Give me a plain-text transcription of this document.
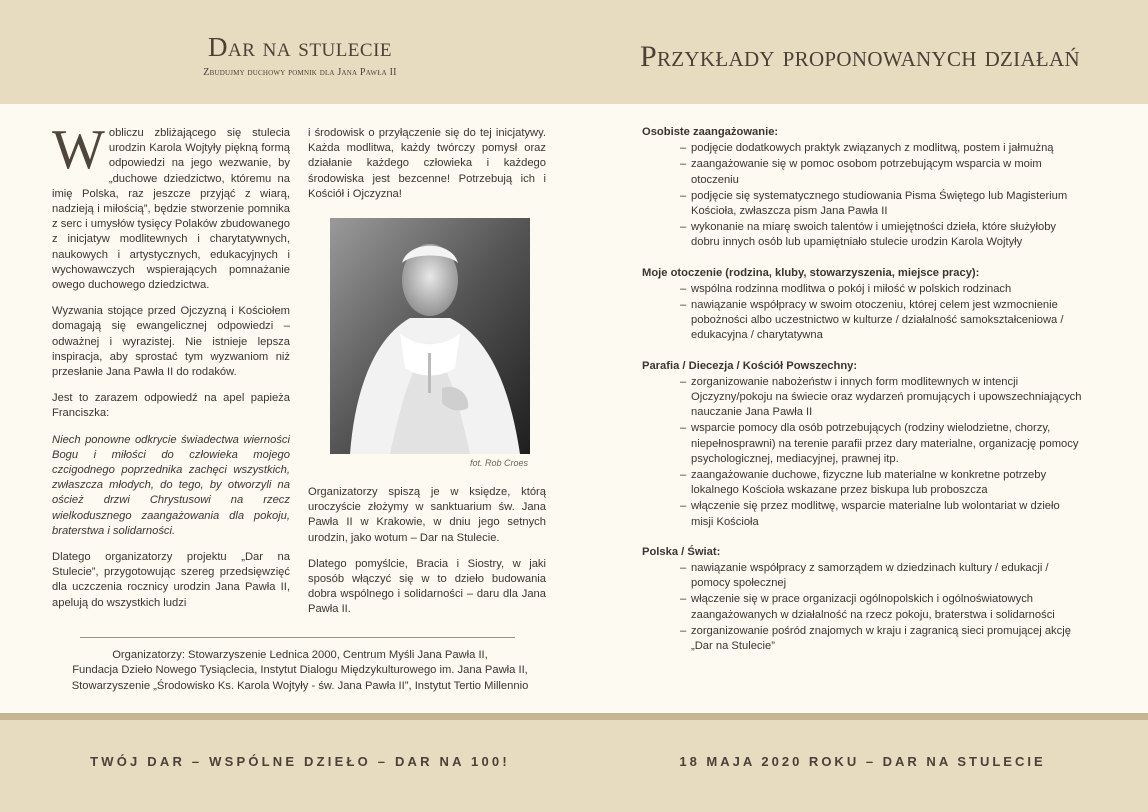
Dar na stulecie
Zbudujmy duchowy pomnik dla Jana Pawła II	Przykłady proponowanych działań

Wobliczu zbliżającego się stulecia urodzin Karola Wojtyły piękną formą odpowiedzi na jego wezwanie, by „duchowe dziedzictwo, któremu na imię Polska, raz jeszcze przyjąć z wiarą, nadzieją i miłością”, będzie stworzenie pomnika z serc i umysłów tysięcy Polaków zbudowanego z inicjatyw modlitewnych i charytatywnych, naukowych i artystycznych, edukacyjnych i wychowawczych wspierających pomnażanie owego duchowego dziedzictwa.

Wyzwania stojące przed Ojczyzną i Kościołem domagają się ewangelicznej odpowiedzi – odważnej i wyrazistej. Nie istnieje lepsza inspiracja, aby sprostać tym wyzwaniom niż przesłanie Jana Pawła II do rodaków.

Jest to zarazem odpowiedź na apel papieża Franciszka:

Niech ponowne odkrycie świadectwa wierności Bogu i miłości do człowieka mojego czcigodnego poprzednika zachęci wszystkich, zwłaszcza młodych, do tego, by otworzyli na oścież drzwi Chrystusowi na rzecz wielkodusznego zaangażowania dla pokoju, braterstwa i solidarności.

Dlatego organizatorzy projektu „Dar na Stulecie”, przygotowując szereg przedsięwzięć dla uczczenia rocznicy urodzin Jana Pawła II, apelują do wszystkich ludzi

i środowisk o przyłączenie się do tej inicjatywy. Każda modlitwa, każdy twórczy pomysł oraz działanie każdego człowieka i każdego środowiska jest bezcenne! Potrzebują ich i Kościół i Ojczyzna!

fot. Rob Croes

Organizatorzy spiszą je w księdze, którą uroczyście złożymy w sanktuarium św. Jana Pawła II w Krakowie, w dniu jego setnych urodzin, jako wotum – Dar na Stulecie.

Dlatego pomyślcie, Bracia i Siostry, w jaki sposób włączyć się w to dzieło budowania dobra wspólnego i solidarności – daru dla Jana Pawła II.

Organizatorzy: Stowarzyszenie Lednica 2000, Centrum Myśli Jana Pawła II,
Fundacja Dzieło Nowego Tysiąclecia, Instytut Dialogu Międzykulturowego im. Jana Pawła II,
Stowarzyszenie „Środowisko Ks. Karola Wojtyły - św. Jana Pawła II”, Instytut Tertio Millennio
Osobiste zaangażowanie:
– podjęcie dodatkowych praktyk związanych z modlitwą, postem i jałmużną
– zaangażowanie się w pomoc osobom potrzebującym wsparcia w moim otoczeniu
– podjęcie się systematycznego studiowania Pisma Świętego lub Magisterium Kościoła, zwłaszcza pism Jana Pawła II
– wykonanie na miarę swoich talentów i umiejętności dzieła, które służyłoby dobru innych osób lub upamiętniało stulecie urodzin Karola Wojtyły
Moje otoczenie (rodzina, kluby, stowarzyszenia, miejsce pracy):
– wspólna rodzinna modlitwa o pokój i miłość w polskich rodzinach
– nawiązanie współpracy w swoim otoczeniu, której celem jest wzmocnienie pobożności albo uczestnictwo w kulturze / działalność samokształceniowa / edukacyjna / charytatywna
Parafia / Diecezja / Kościół Powszechny:
– zorganizowanie nabożeństw i innych form modlitewnych w intencji Ojczyzny/pokoju na świecie oraz wydarzeń promujących i upowszechniających nauczanie Jana Pawła II
– wsparcie pomocy dla osób potrzebujących (rodziny wielodzietne, chorzy, niepełnosprawni) na terenie parafii przez dary materialne, organizację pomocy psychologicznej, mediacyjnej, prawnej itp.
– zaangażowanie duchowe, fizyczne lub materialne w konkretne potrzeby lokalnego Kościoła wskazane przez biskupa lub proboszcza
– włączenie się przez modlitwę, wsparcie materialne lub wolontariat w dzieło misji Kościoła
Polska / Świat:
– nawiązanie współpracy z samorządem w dziedzinach kultury / edukacji / pomocy społecznej
– włączenie się w prace organizacji ogólnopolskich i ogólnoświatowych zaangażowanych w działalność na rzecz pokoju, braterstwa i solidarności
– zorganizowanie pośród znajomych w kraju i zagranicą sieci promującej akcję „Dar na Stulecie”
TWÓJ DAR – WSPÓLNE DZIEŁO – DAR NA 100!	18 MAJA 2020 ROKU – DAR NA STULECIE
